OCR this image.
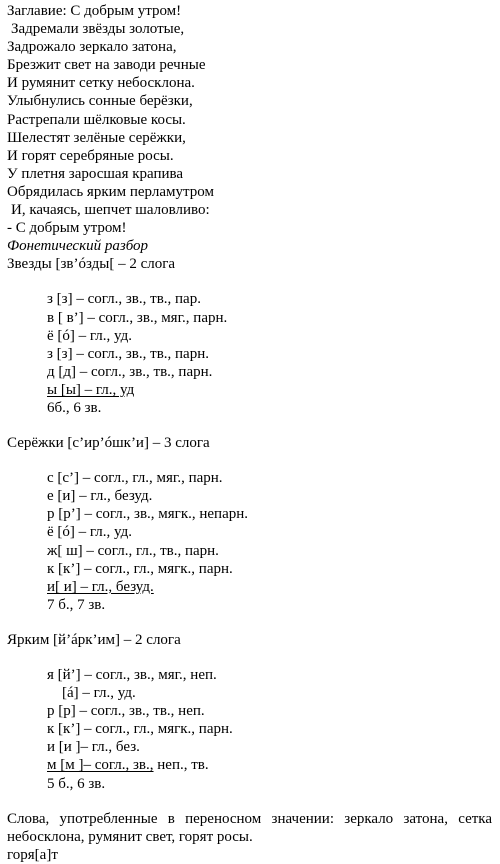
Заглавие: С добрым утром!
Задремали звёзды золотые,
Задрожало зеркало затона,
Брезжит свет на заводи речные
И румянит сетку небосклона.
Улыбнулись сонные берёзки,
Растрепали шёлковые косы.
Шелестят зелёные серёжки,
И горят серебряные росы.
У плетня заросшая крапива
Обрядилась ярким перламутром
И, качаясь, шепчет шаловливо:
- С добрым утром!
Фонетический разбор
Звезды [зв’óзды[ – 2 слога
з [з] – согл., зв., тв., пар.
в [ в’] – согл., зв., мяг., парн.
ё [ó] – гл., уд.
з [з] – согл., зв., тв., парн.
д [д] – согл., зв., тв., парн.
ы [ы] – гл., уд
6б., 6 зв.
Серёжки [с’ир’óшк’и] – 3 слога
с [с’] – согл., гл., мяг., парн.
е [и] – гл., безуд.
р [р’] – согл., зв., мягк., непарн.
ё [ó] – гл., уд.
ж[ ш] – согл., гл., тв., парн.
к [к’] – согл., гл., мягк., парн.
и[ и] – гл., безуд.
7 б., 7 зв.
Ярким [й’áрк’им] – 2 слога
я [й’] – согл., зв., мяг., неп.
[á] – гл., уд.
р [р] – согл., зв., тв., неп.
к [к’] – согл., гл., мягк., парн.
и [и ]– гл., без.
м [м ]– согл., зв., неп., тв.
5 б., 6 зв.
Слова, употребленные в переносном значении: зеркало затона, сетка небосклона, румянит свет, горят росы.
горя[а]т
